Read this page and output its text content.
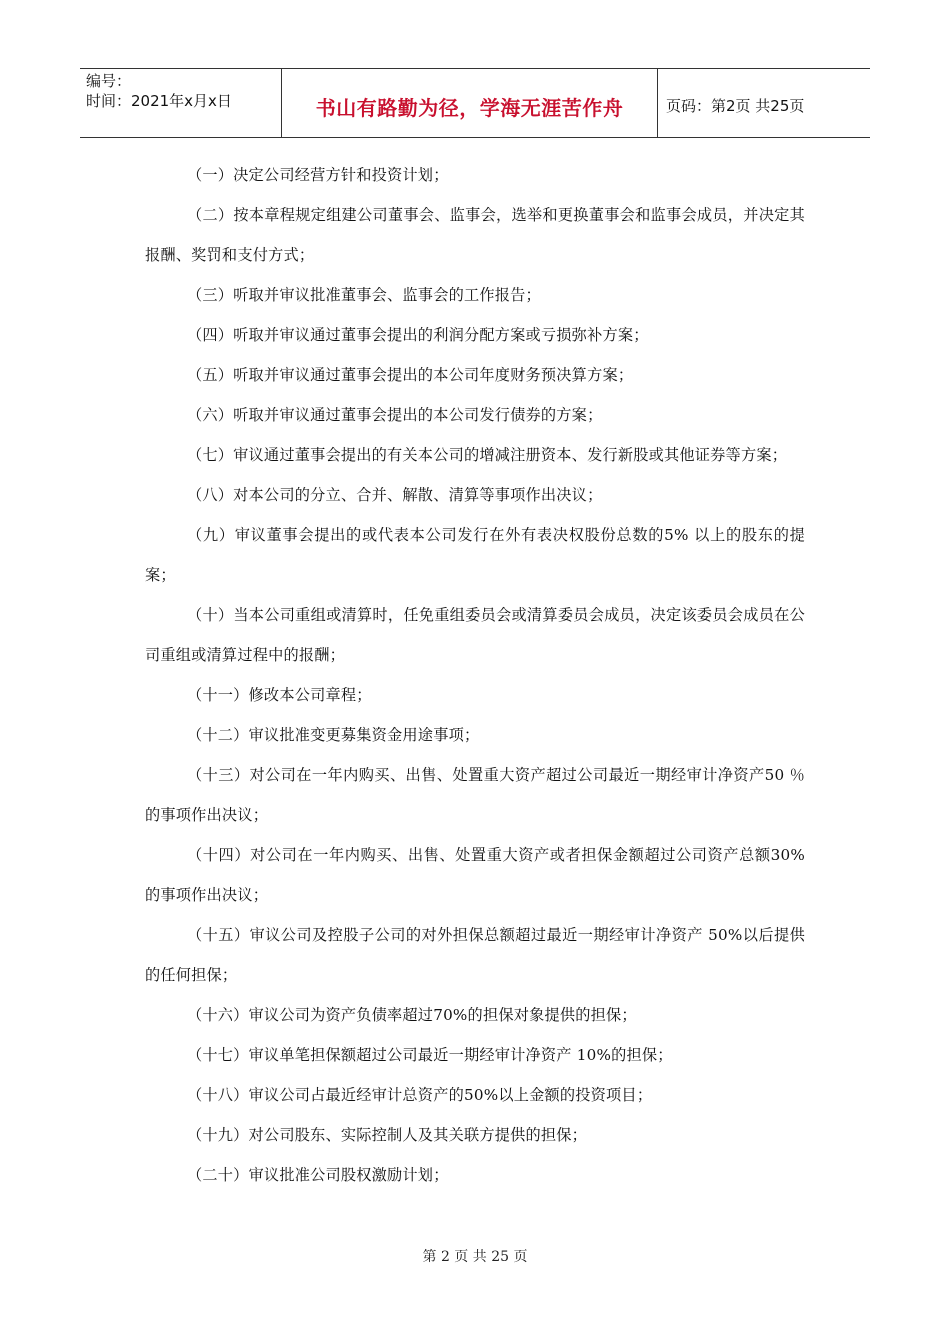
编号：
时间：2021年x月x日	书山有路勤为径，学海无涯苦作舟	页码：第2页 共25页

（一）决定公司经营方针和投资计划；

（二）按本章程规定组建公司董事会、监事会，选举和更换董事会和监事会成员，并决定其报酬、奖罚和支付方式；

（三）听取并审议批准董事会、监事会的工作报告；

（四）听取并审议通过董事会提出的利润分配方案或亏损弥补方案；

（五）听取并审议通过董事会提出的本公司年度财务预决算方案；

（六）听取并审议通过董事会提出的本公司发行债券的方案；

（七）审议通过董事会提出的有关本公司的增减注册资本、发行新股或其他证券等方案；

（八）对本公司的分立、合并、解散、清算等事项作出决议；

（九）审议董事会提出的或代表本公司发行在外有表决权股份总数的5% 以上的股东的提案；

（十）当本公司重组或清算时，任免重组委员会或清算委员会成员，决定该委员会成员在公司重组或清算过程中的报酬；

（十一）修改本公司章程；

（十二）审议批准变更募集资金用途事项；

（十三）对公司在一年内购买、出售、处置重大资产超过公司最近一期经审计净资产50 ％的事项作出决议；

（十四）对公司在一年内购买、出售、处置重大资产或者担保金额超过公司资产总额30%的事项作出决议；

（十五）审议公司及控股子公司的对外担保总额超过最近一期经审计净资产 50%以后提供的任何担保；

（十六）审议公司为资产负债率超过70%的担保对象提供的担保；

（十七）审议单笔担保额超过公司最近一期经审计净资产 10%的担保；

（十八）审议公司占最近经审计总资产的50%以上金额的投资项目；

（十九）对公司股东、实际控制人及其关联方提供的担保；

（二十）审议批准公司股权激励计划；

第 2 页 共 25 页
